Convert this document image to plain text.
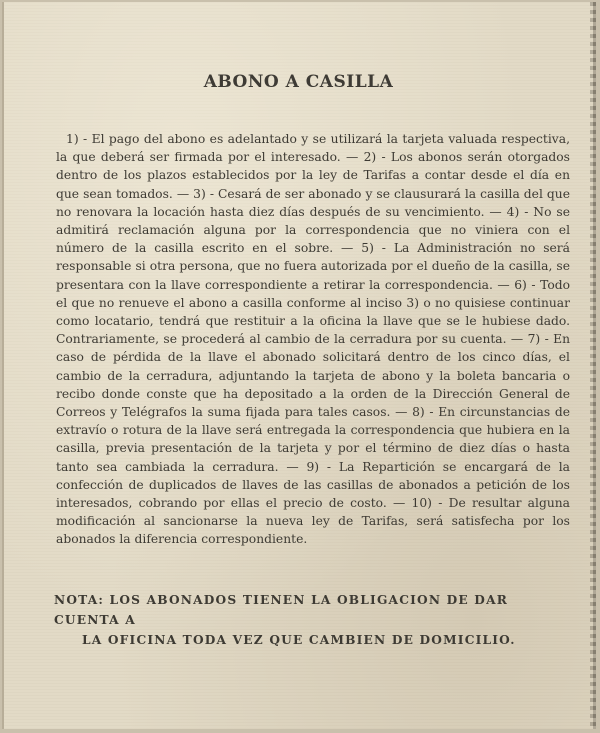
ABONO A CASILLA
1) - El pago del abono es adelantado y se utilizará la tarjeta valuada respectiva, la que deberá ser firmada por el interesado. — 2) - Los abonos serán otorgados dentro de los plazos establecidos por la ley de Tarifas a contar desde el día en que sean tomados. — 3) - Cesará de ser abonado y se clausurará la casilla del que no renovara la locación hasta diez días después de su vencimiento. — 4) - No se admitirá reclamación alguna por la correspondencia que no viniera con el número de la casilla escrito en el sobre. — 5) - La Administración no será responsable si otra persona, que no fuera autorizada por el dueño de la casilla, se presentara con la llave correspondiente a retirar la correspondencia. — 6) - Todo el que no renueve el abono a casilla conforme al inciso 3) o no quisiese continuar como locatario, tendrá que restituir a la oficina la llave que se le hubiese dado. Contrariamente, se procederá al cambio de la cerradura por su cuenta. — 7) - En caso de pérdida de la llave el abonado solicitará dentro de los cinco días, el cambio de la cerradura, adjuntando la tarjeta de abono y la boleta bancaria o recibo donde conste que ha depositado a la orden de la Dirección General de Correos y Telégrafos la suma fijada para tales casos. — 8) - En circunstancias de extravío o rotura de la llave será entregada la correspondencia que hubiera en la casilla, previa presentación de la tarjeta y por el término de diez días o hasta tanto sea cambiada la cerradura. — 9) - La Repartición se encargará de la confección de duplicados de llaves de las casillas de abonados a petición de los interesados, cobrando por ellas el precio de costo. — 10) - De resultar alguna modificación al sancionarse la nueva ley de Tarifas, será satisfecha por los abonados la diferencia correspondiente.
NOTA: LOS ABONADOS TIENEN LA OBLIGACION DE DAR CUENTA A
LA OFICINA TODA VEZ QUE CAMBIEN DE DOMICILIO.
